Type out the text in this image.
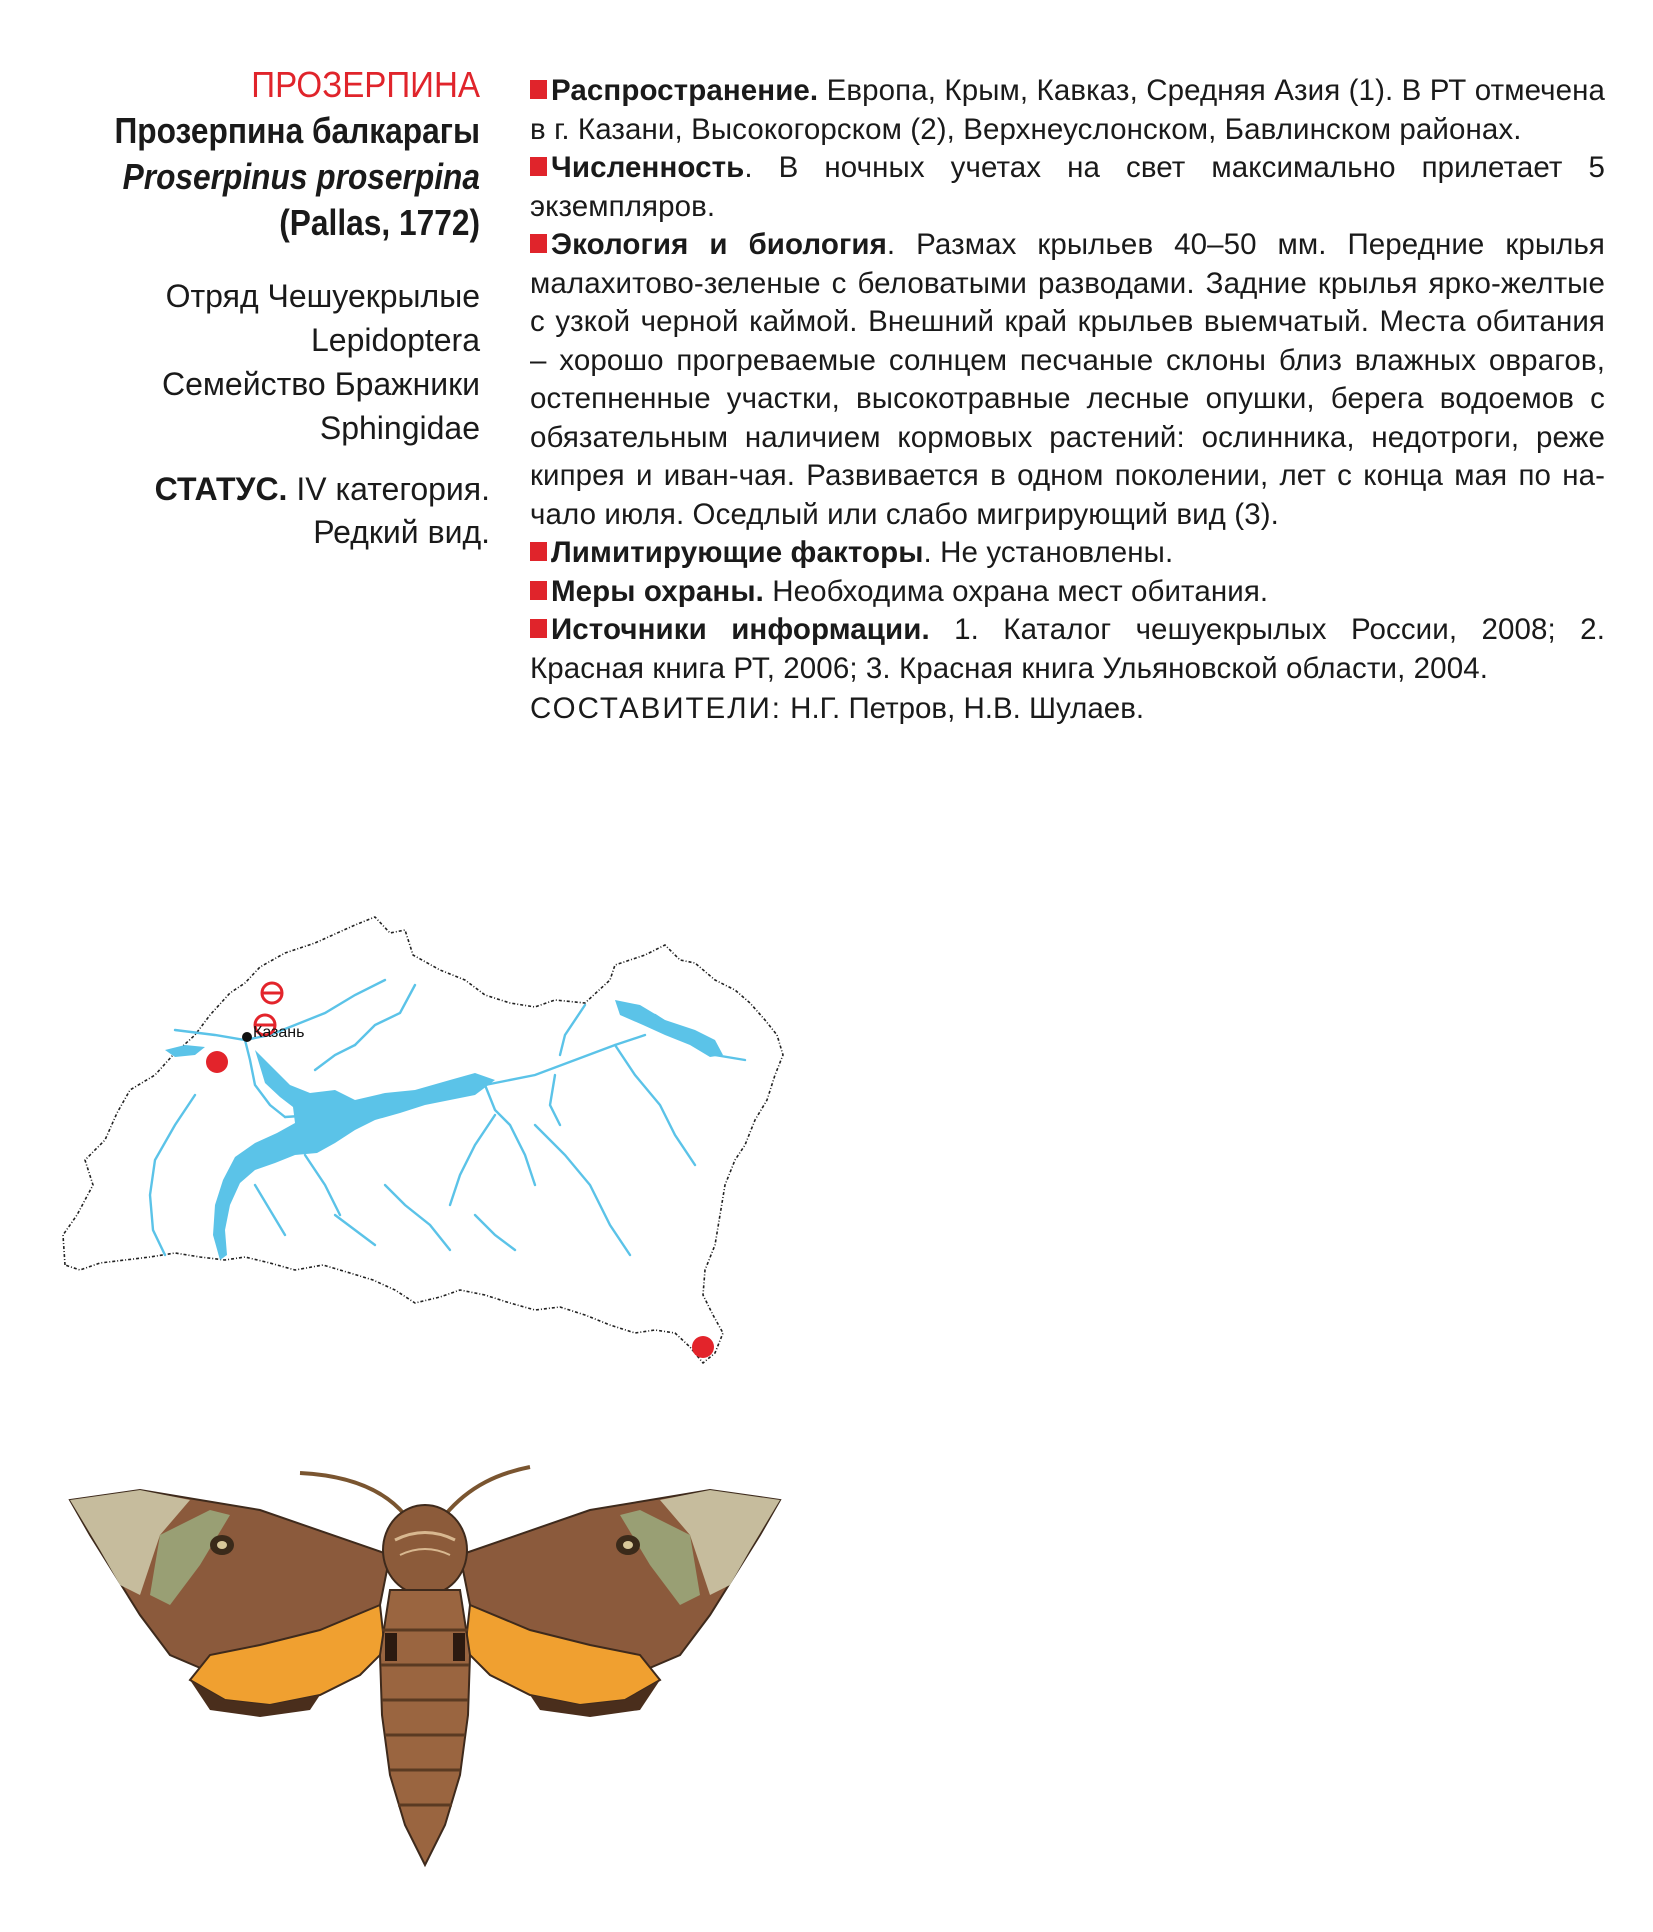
ПРОЗЕРПИНА
Прозерпина балкарагы
Proserpinus proserpina
(Pallas, 1772)
Отряд Чешуекрылые
Lepidoptera
Семейство Бражники
Sphingidae
СТАТУС. IV категория.
Редкий вид.

Распространение. Европа, Крым, Кавказ, Средняя Азия (1). В РТ отмечена в г. Казани, Высокогорском (2), Верхнеуслонском, Бавлинском районах.

Численность. В ночных учетах на свет максимально прилетает 5 экземпляров.

Экология и биология. Размах крыльев 40–50 мм. Передние крылья малахитово-зеленые с беловатыми разводами. Задние крылья ярко-желтые с узкой черной каймой. Внешний край крыльев выемчатый. Места обитания – хорошо прогреваемые солнцем песчаные склоны близ влажных оврагов, остепненные участки, высокотравные лесные опушки, берега водоемов с обязательным наличием кормовых растений: ослинника, недотроги, реже кипрея и иван-чая. Развивается в одном поколении, лет с конца мая по начало июля. Оседлый или слабо мигрирующий вид (3).

Лимитирующие факторы. Не установлены.

Меры охраны. Необходима охрана мест обитания.

Источники информации. 1. Каталог чешуекрылых России, 2008; 2. Красная книга РТ, 2006; 3. Красная книга Ульяновской области, 2004.

СОСТАВИТЕЛИ: Н.Г. Петров, Н.В. Шулаев.
Казань
